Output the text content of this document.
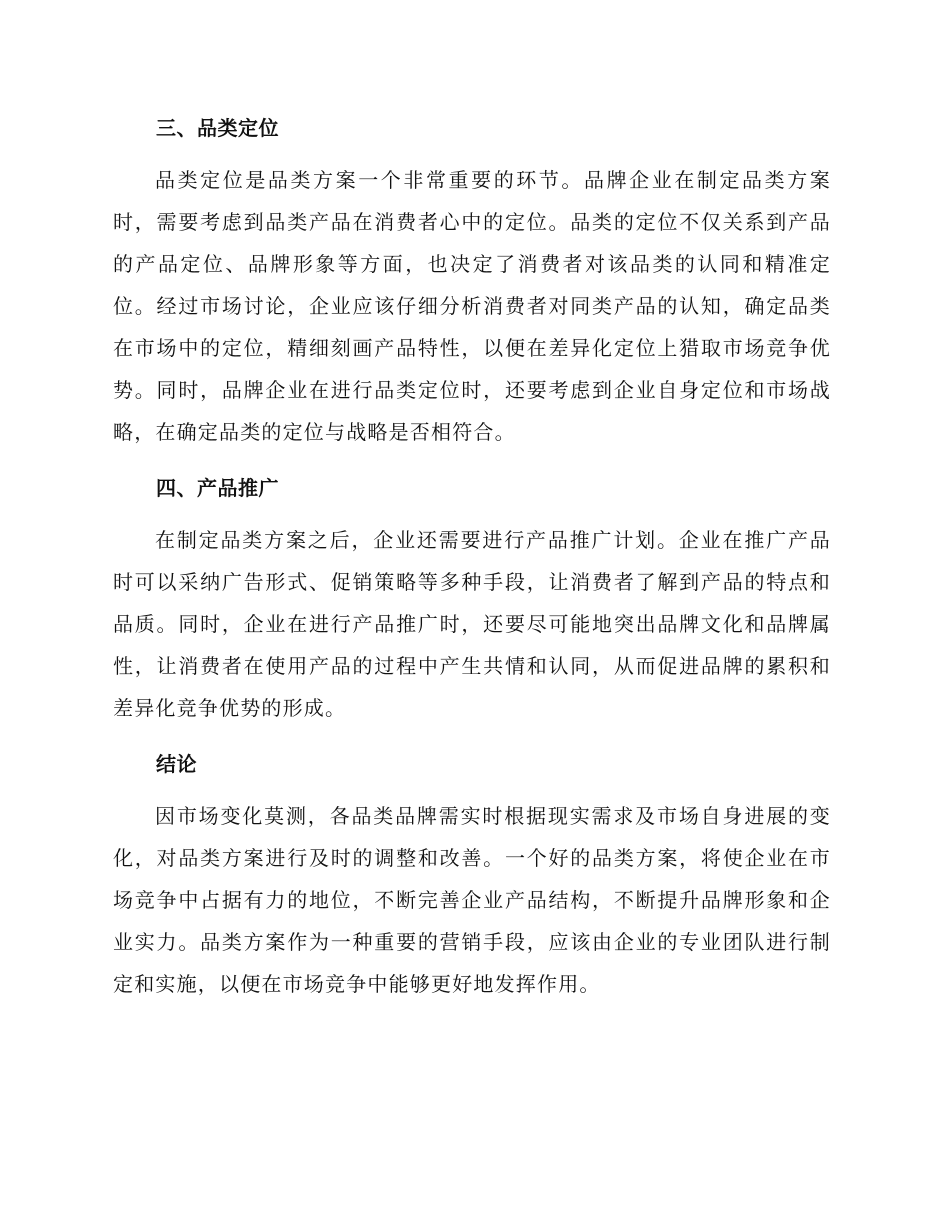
三、品类定位

品类定位是品类方案一个非常重要的环节。品牌企业在制定品类方案时，需要考虑到品类产品在消费者心中的定位。品类的定位不仅关系到产品的产品定位、品牌形象等方面，也决定了消费者对该品类的认同和精准定位。经过市场讨论，企业应该仔细分析消费者对同类产品的认知，确定品类在市场中的定位，精细刻画产品特性，以便在差异化定位上猎取市场竞争优势。同时，品牌企业在进行品类定位时，还要考虑到企业自身定位和市场战略，在确定品类的定位与战略是否相符合。

四、产品推广

在制定品类方案之后，企业还需要进行产品推广计划。企业在推广产品时可以采纳广告形式、促销策略等多种手段，让消费者了解到产品的特点和品质。同时，企业在进行产品推广时，还要尽可能地突出品牌文化和品牌属性，让消费者在使用产品的过程中产生共情和认同，从而促进品牌的累积和差异化竞争优势的形成。

结论

因市场变化莫测，各品类品牌需实时根据现实需求及市场自身进展的变化，对品类方案进行及时的调整和改善。一个好的品类方案，将使企业在市场竞争中占据有力的地位，不断完善企业产品结构，不断提升品牌形象和企业实力。品类方案作为一种重要的营销手段，应该由企业的专业团队进行制定和实施，以便在市场竞争中能够更好地发挥作用。
